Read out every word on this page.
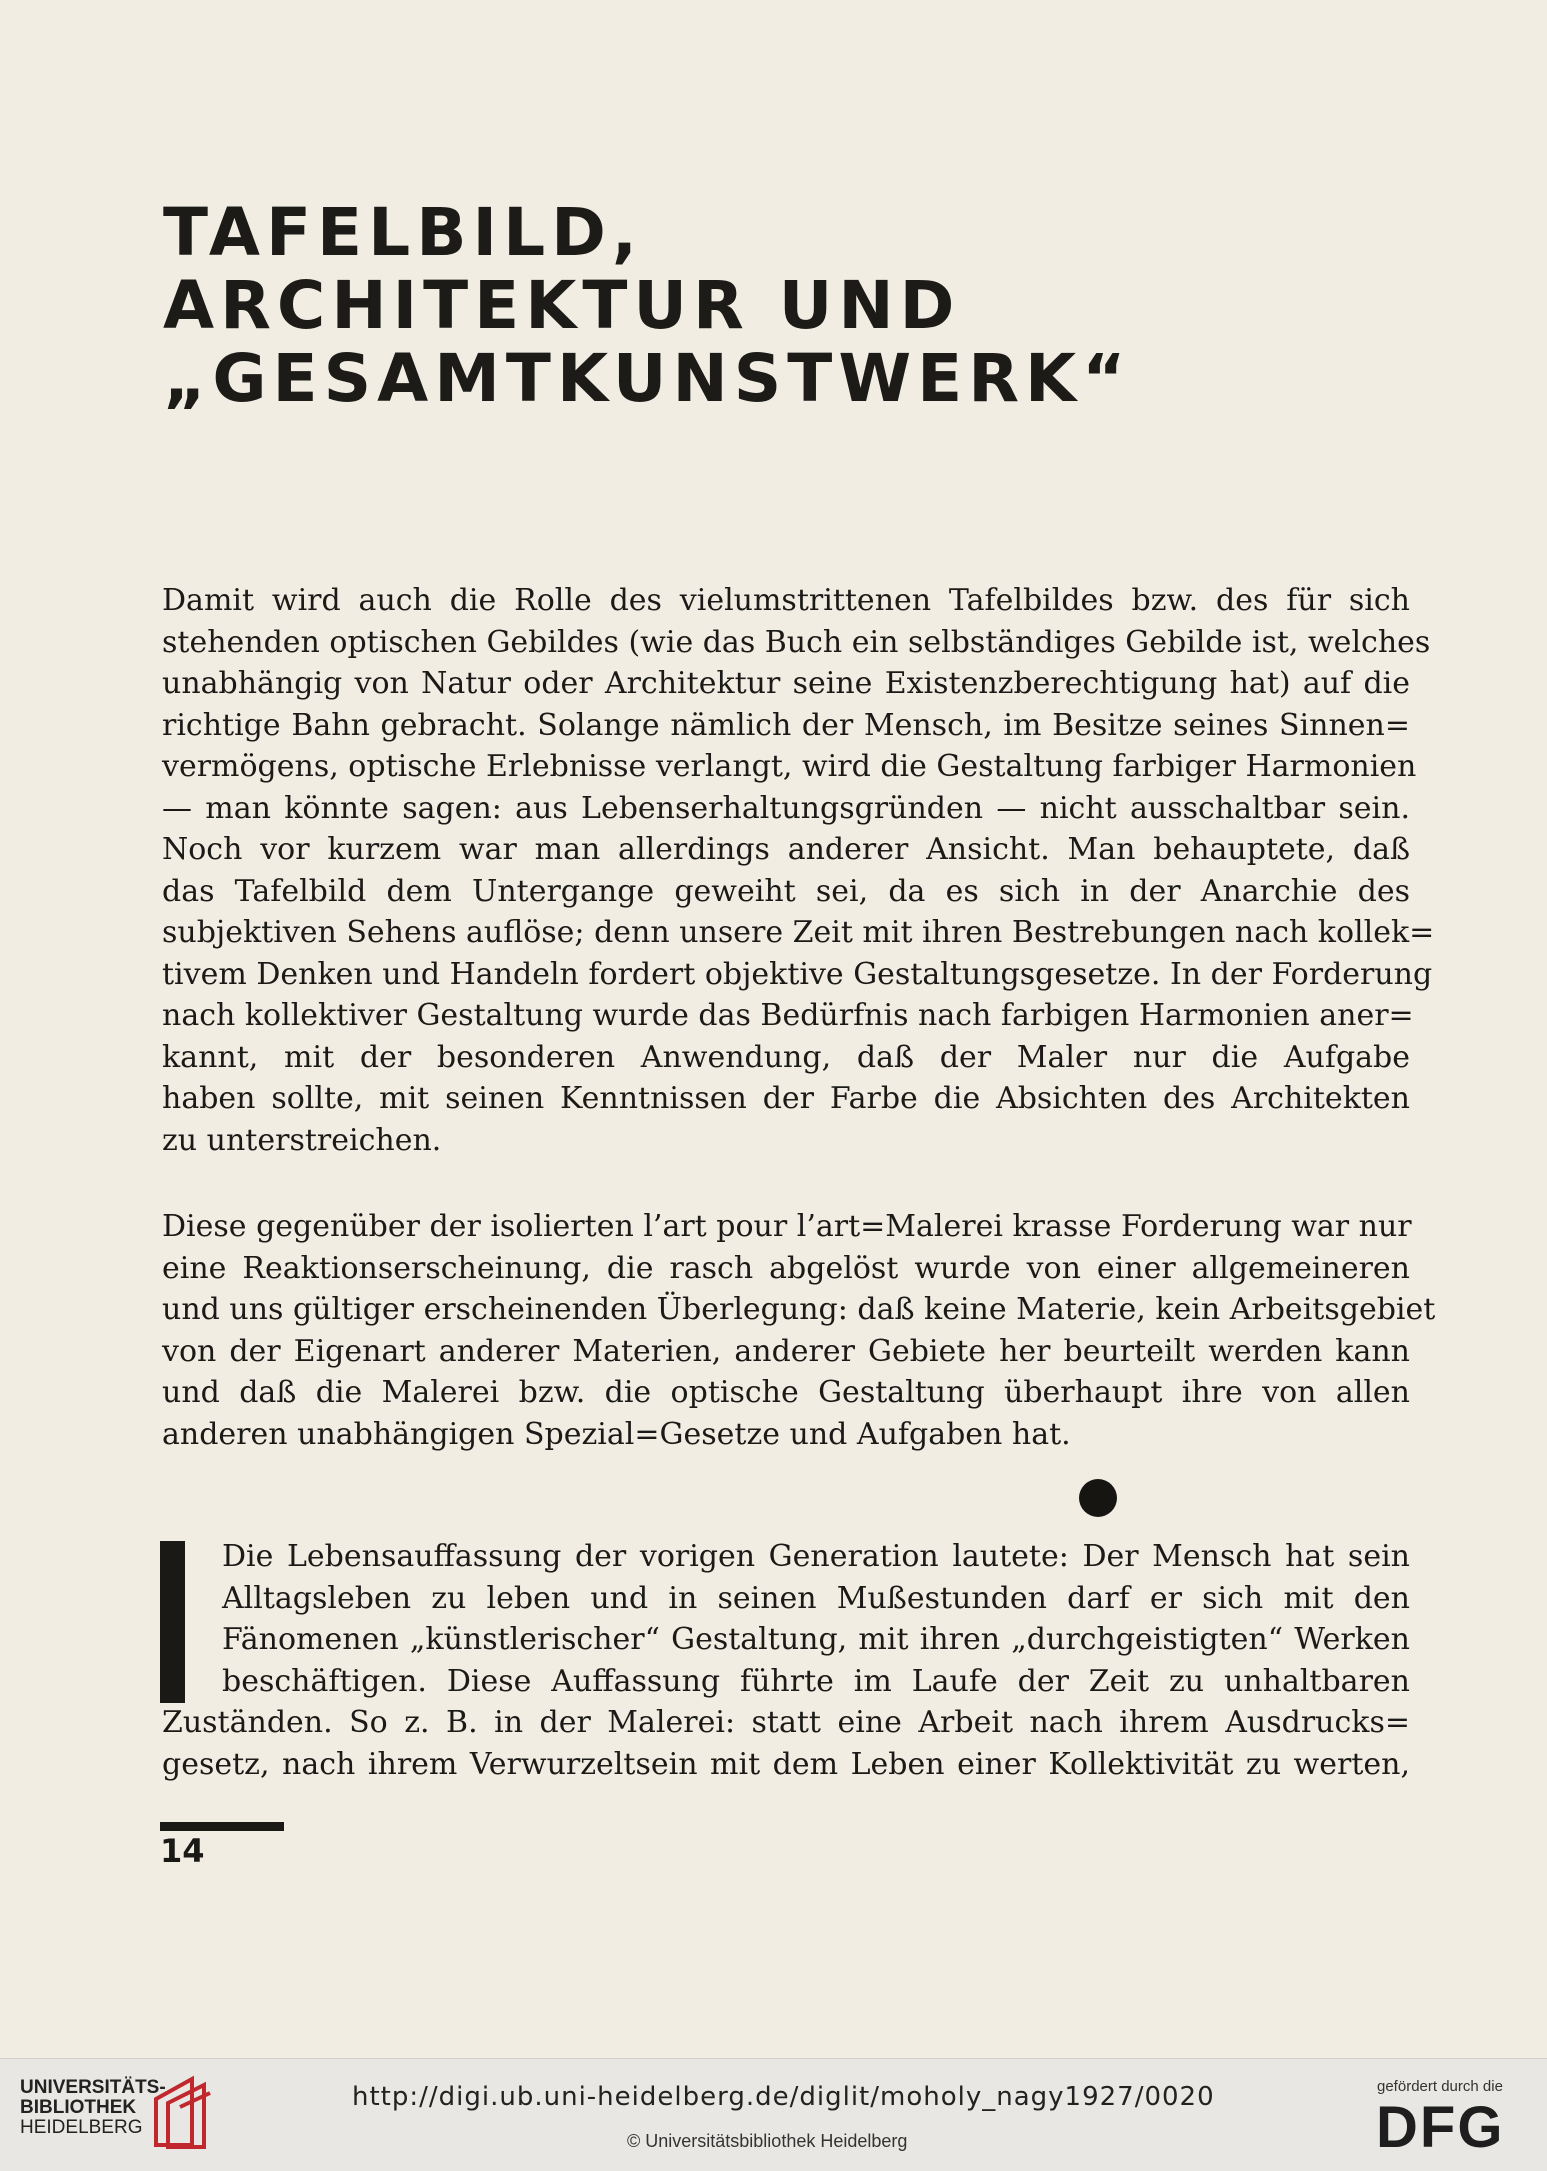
TAFELBILD,
ARCHITEKTUR UND
„GESAMTKUNSTWERK“

Damit wird auch die Rolle des vielumstrittenen Tafelbildes bzw. des für sich
stehenden optischen Gebildes (wie das Buch ein selbständiges Gebilde ist, welches
unabhängig von Natur oder Architektur seine Existenzberechtigung hat) auf die
richtige Bahn gebracht. Solange nämlich der Mensch, im Besitze seines Sinnen=
vermögens, optische Erlebnisse verlangt, wird die Gestaltung farbiger Harmonien
— man könnte sagen: aus Lebenserhaltungsgründen — nicht ausschaltbar sein.
Noch vor kurzem war man allerdings anderer Ansicht. Man behauptete, daß
das Tafelbild dem Untergange geweiht sei, da es sich in der Anarchie des
subjektiven Sehens auflöse; denn unsere Zeit mit ihren Bestrebungen nach kollek=
tivem Denken und Handeln fordert objektive Gestaltungsgesetze. In der Forderung
nach kollektiver Gestaltung wurde das Bedürfnis nach farbigen Harmonien aner=
kannt, mit der besonderen Anwendung, daß der Maler nur die Aufgabe
haben sollte, mit seinen Kenntnissen der Farbe die Absichten des Architekten
zu unterstreichen.

Diese gegenüber der isolierten l’art pour l’art=Malerei krasse Forderung war nur
eine Reaktionserscheinung, die rasch abgelöst wurde von einer allgemeineren
und uns gültiger erscheinenden Überlegung: daß keine Materie, kein Arbeitsgebiet
von der Eigenart anderer Materien, anderer Gebiete her beurteilt werden kann
und daß die Malerei bzw. die optische Gestaltung überhaupt ihre von allen
anderen unabhängigen Spezial=Gesetze und Aufgaben hat.

Die Lebensauffassung der vorigen Generation lautete: Der Mensch hat sein
Alltagsleben zu leben und in seinen Mußestunden darf er sich mit den
Fänomenen „künstlerischer“ Gestaltung, mit ihren „durchgeistigten“ Werken
beschäftigen. Diese Auffassung führte im Laufe der Zeit zu unhaltbaren
Zuständen. So z. B. in der Malerei: statt eine Arbeit nach ihrem Ausdrucks=
gesetz, nach ihrem Verwurzeltsein mit dem Leben einer Kollektivität zu werten,

14
UNIVERSITÄTS-
BIBLIOTHEK
HEIDELBERG
http://digi.ub.uni-heidelberg.de/diglit/moholy_nagy1927/0020
© Universitätsbibliothek Heidelberg
gefördert durch die
DFG
